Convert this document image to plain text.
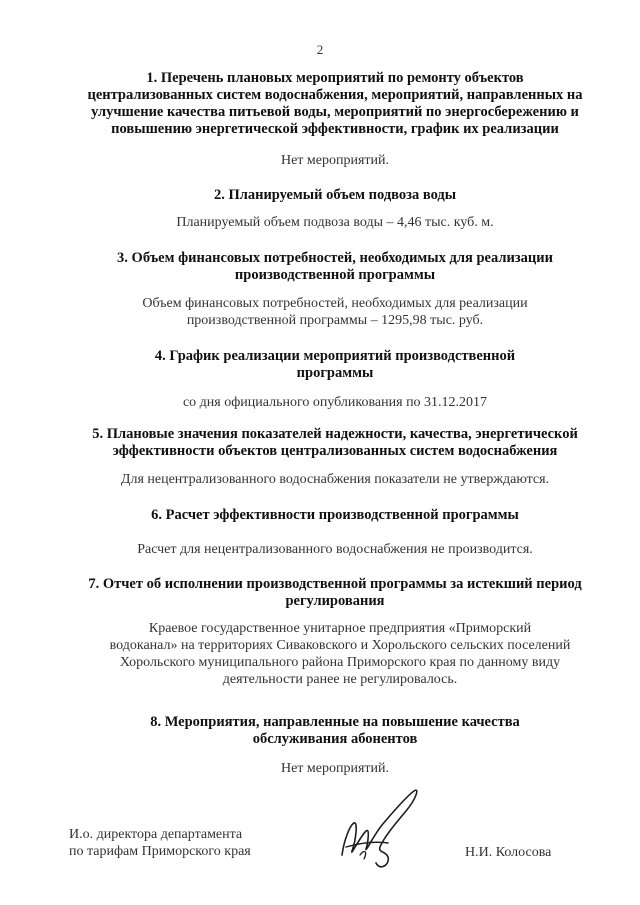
2
1. Перечень плановых мероприятий по ремонту объектов
централизованных систем водоснабжения, мероприятий, направленных на
улучшение качества питьевой воды, мероприятий по энергосбережению и
повышению энергетической эффективности, график их реализации
Нет мероприятий.
2. Планируемый объем подвоза воды
Планируемый объем подвоза воды – 4,46 тыс. куб. м.
3. Объем финансовых потребностей, необходимых для реализации
производственной программы
Объем финансовых потребностей, необходимых для реализации
производственной программы – 1295,98 тыс. руб.
4. График реализации мероприятий производственной
программы
со дня официального опубликования по 31.12.2017
5. Плановые значения показателей надежности, качества, энергетической
эффективности объектов централизованных систем водоснабжения
Для нецентрализованного водоснабжения показатели не утверждаются.
6. Расчет эффективности производственной программы
Расчет для нецентрализованного водоснабжения не производится.
7. Отчет об исполнении производственной программы за истекший период
регулирования
Краевое государственное унитарное предприятия «Приморский
водоканал» на территориях Сиваковского и Хорольского сельских поселений
Хорольского муниципального района Приморского края по данному виду
деятельности ранее не регулировалось.
8. Мероприятия, направленные на повышение качества
обслуживания абонентов
Нет мероприятий.
И.о. директора департамента
по тарифам Приморского края	Н.И. Колосова
